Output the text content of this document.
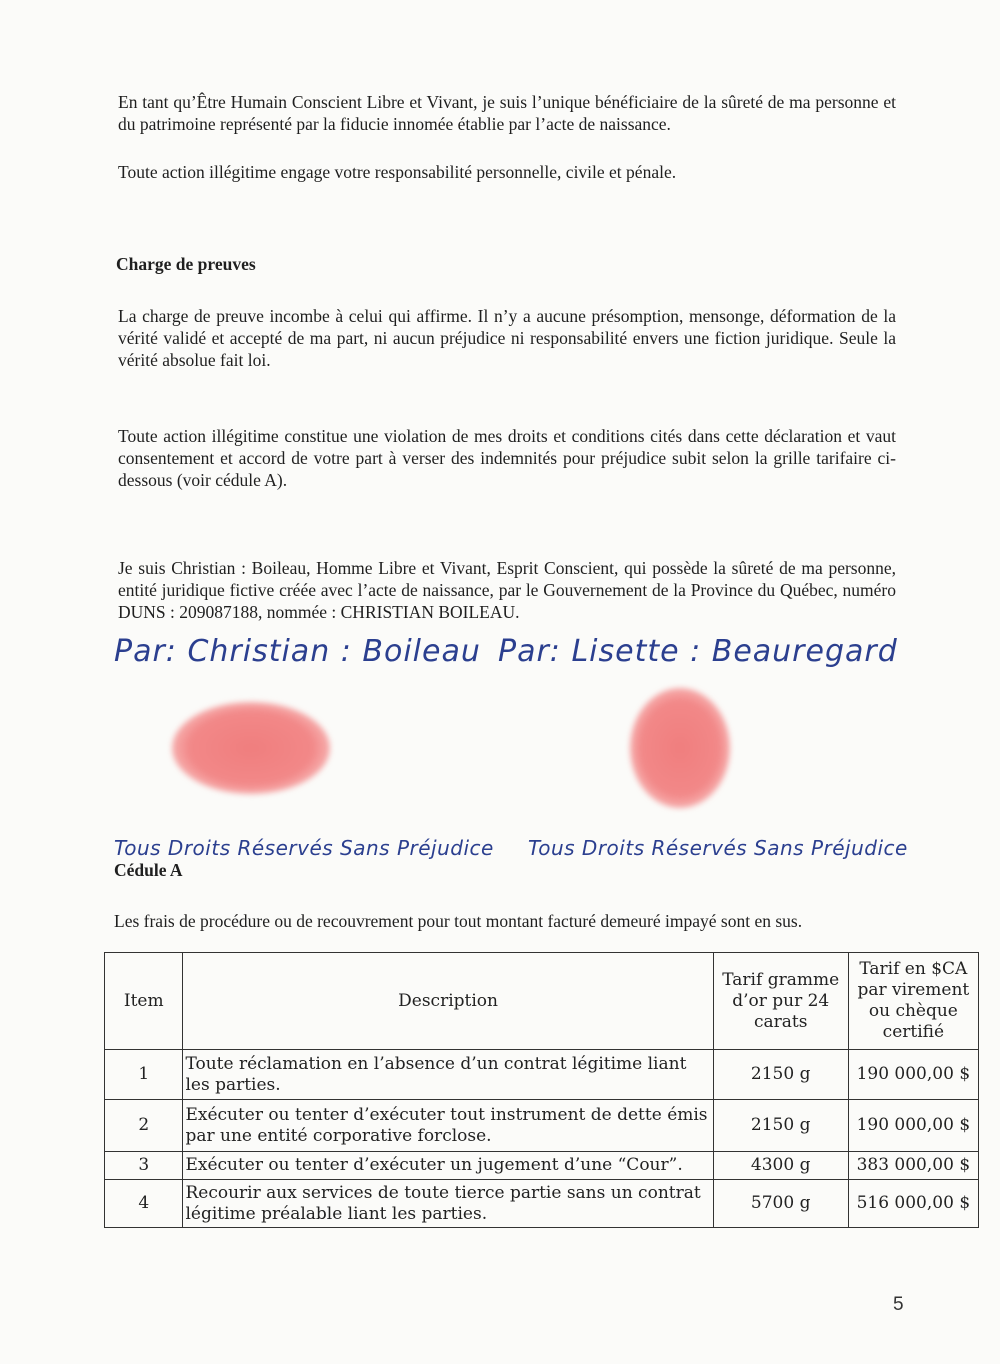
En tant qu’Être Humain Conscient Libre et Vivant, je suis l’unique bénéficiaire de la sûreté de ma personne et du patrimoine représenté par la fiducie innomée établie par l’acte de naissance.

Toute action illégitime engage votre responsabilité personnelle, civile et pénale.

Charge de preuves

La charge de preuve incombe à celui qui affirme. Il n’y a aucune présomption, mensonge, déformation de la vérité validé et accepté de ma part, ni aucun préjudice ni responsabilité envers une fiction juridique. Seule la vérité absolue fait loi.

Toute action illégitime constitue une violation de mes droits et conditions cités dans cette déclaration et vaut consentement et accord de votre part à verser des indemnités pour préjudice subit selon la grille tarifaire ci-dessous (voir cédule A).

Je suis Christian : Boileau, Homme Libre et Vivant, Esprit Conscient, qui possède la sûreté de ma personne, entité juridique fictive créée avec l’acte de naissance, par le Gouvernement de la Province du Québec, numéro DUNS : 209087188, nommée : CHRISTIAN BOILEAU.

Par: Christian : Boileau Par: Lisette : Beauregard
Tous Droits Réservés Sans Préjudice Tous Droits Réservés Sans Préjudice

Cédule A

Les frais de procédure ou de recouvrement pour tout montant facturé demeuré impayé sont en sus.

Item	Description	Tarif gramme d’or pur 24 carats	Tarif en $CA par virement ou chèque certifié
1	Toute réclamation en l’absence d’un contrat légitime liant les parties.	2150 g	190 000,00 $
2	Exécuter ou tenter d’exécuter tout instrument de dette émis par une entité corporative forclose.	2150 g	190 000,00 $
3	Exécuter ou tenter d’exécuter un jugement d’une “Cour”.	4300 g	383 000,00 $
4	Recourir aux services de toute tierce partie sans un contrat légitime préalable liant les parties.	5700 g	516 000,00 $
5
